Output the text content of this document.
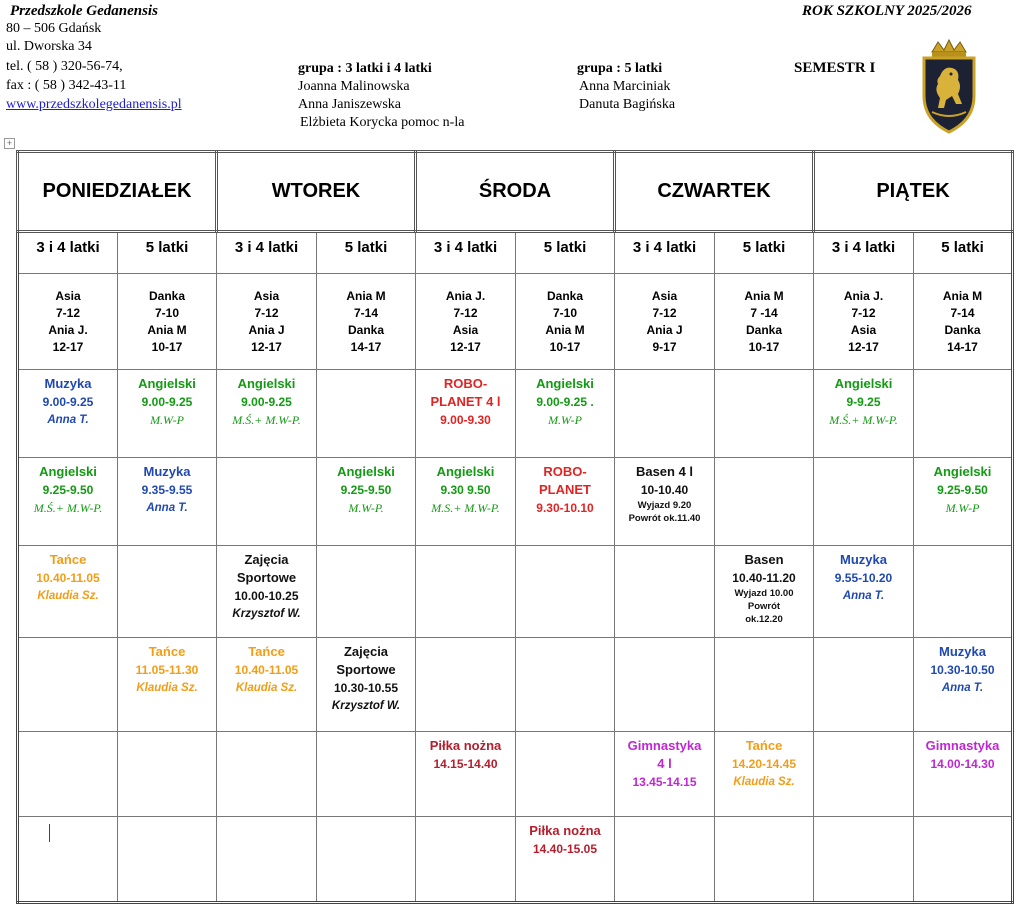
Przedszkole Gedanensis
80 – 506 Gdańsk
ul. Dworska 34
tel. ( 58 ) 320-56-74,
fax : ( 58 ) 342-43-11
www.przedszkolegedanensis.pl
ROK SZKOLNY 2025/2026
SEMESTR I
grupa : 3 latki i 4 latki
Joanna Malinowska
Anna Janiszewska
Elżbieta Korycka pomoc n-la
grupa : 5 latki
Anna Marciniak
Danuta Bagińska
+
PONIEDZIAŁEK		WTOREK		ŚRODA		CZWARTEK		PIĄTEK	
3 i 4 latki	5 latki	3 i 4 latki	5 latki	3 i 4 latki	5 latki	3 i 4 latki	5 latki	3 i 4 latki	5 latki

Asia
7-12
Ania J.
12-17	Danka
7-10
Ania M
10-17	Asia
7-12
Ania J
12-17	Ania M
7-14
Danka
14-17	Ania J.
7-12
Asia
12-17	Danka
7-10
Ania M
10-17	Asia
7-12
Ania J
9-17	Ania M
7 -14
Danka
10-17	Ania J.
7-12
Asia
12-17	Ania M
7-14
Danka
14-17

Muzyka
9.00-9.25
Anna T.	Angielski
9.00-9.25
M.W-P	Angielski
9.00-9.25
M.Ś.+ M.W-P.		ROBO-
PLANET 4 l
9.00-9.30	Angielski
9.00-9.25 .
M.W-P			Angielski
9-9.25
M.Ś.+ M.W-P.	

Angielski
9.25-9.50
M.Ś.+ M.W-P.	Muzyka
9.35-9.55
Anna T.		Angielski
9.25-9.50
M.W-P.	Angielski
9.30 9.50
M.S.+ M.W-P.	ROBO-
PLANET
9.30-10.10	Basen 4 l
10-10.40
Wyjazd 9.20
Powrót ok.11.40			Angielski
9.25-9.50
M.W-P

Tańce
10.40-11.05
Klaudia Sz.		Zajęcia
Sportowe
10.00-10.25
Krzysztof W.					Basen
10.40-11.20
Wyjazd 10.00
Powrót
ok.12.20	Muzyka
9.55-10.20
Anna T.	

	Tańce
11.05-11.30
Klaudia Sz.	Tańce
10.40-11.05
Klaudia Sz.	Zajęcia
Sportowe
10.30-10.55
Krzysztof W.						Muzyka
10.30-10.50
Anna T.

				Piłka nożna
14.15-14.40		Gimnastyka
4 l
13.45-14.15	Tańce
14.20-14.45
Klaudia Sz.		Gimnastyka
14.00-14.30

					Piłka nożna
14.40-15.05				
